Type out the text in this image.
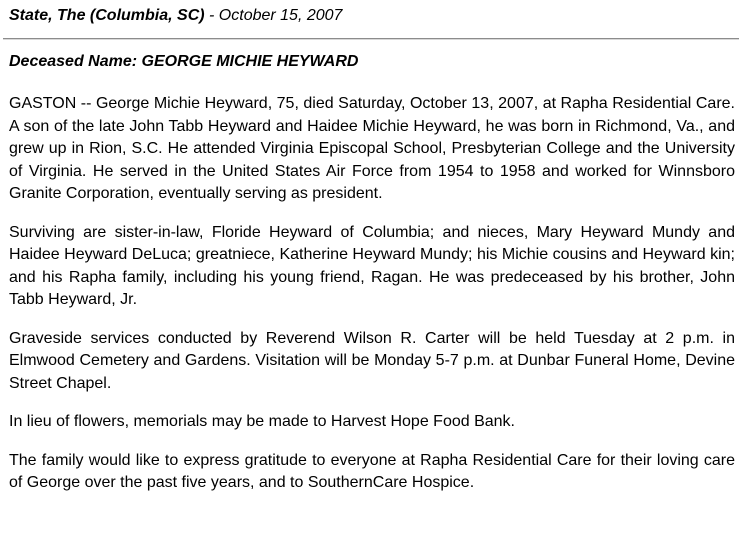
State, The (Columbia, SC) - October 15, 2007
Deceased Name: GEORGE MICHIE HEYWARD

GASTON -- George Michie Heyward, 75, died Saturday, October 13, 2007, at Rapha Residential Care. A son of the late John Tabb Heyward and Haidee Michie Heyward, he was born in Richmond, Va., and grew up in Rion, S.C. He attended Virginia Episcopal School, Presbyterian College and the University of Virginia. He served in the United States Air Force from 1954 to 1958 and worked for Winnsboro Granite Corporation, eventually serving as president.

Surviving are sister-in-law, Floride Heyward of Columbia; and nieces, Mary Heyward Mundy and Haidee Heyward DeLuca; greatniece, Katherine Heyward Mundy; his Michie cousins and Heyward kin; and his Rapha family, including his young friend, Ragan. He was predeceased by his brother, John Tabb Heyward, Jr.

Graveside services conducted by Reverend Wilson R. Carter will be held Tuesday at 2 p.m. in Elmwood Cemetery and Gardens. Visitation will be Monday 5-7 p.m. at Dunbar Funeral Home, Devine Street Chapel.

In lieu of flowers, memorials may be made to Harvest Hope Food Bank.

The family would like to express gratitude to everyone at Rapha Residential Care for their loving care of George over the past five years, and to SouthernCare Hospice.
